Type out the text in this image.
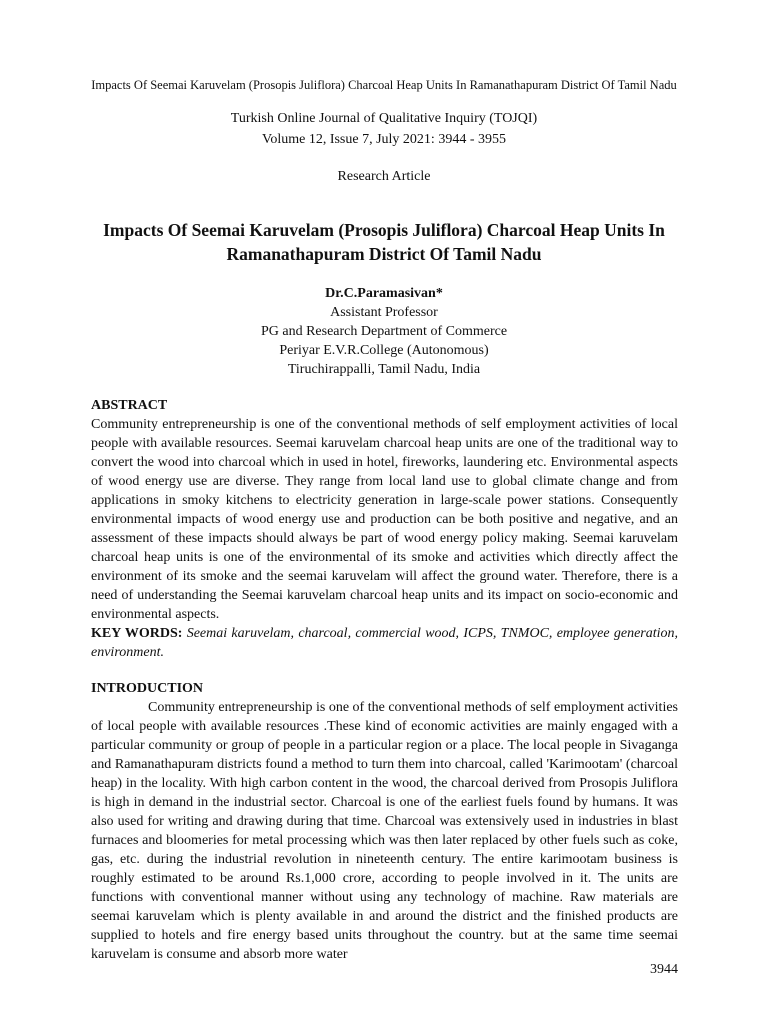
Impacts Of Seemai Karuvelam (Prosopis Juliflora) Charcoal Heap Units In Ramanathapuram District Of Tamil Nadu
Turkish Online Journal of Qualitative Inquiry (TOJQI)
Volume 12, Issue 7, July 2021: 3944 - 3955
Research Article
Impacts Of Seemai Karuvelam (Prosopis Juliflora) Charcoal Heap Units In Ramanathapuram District Of Tamil Nadu
Dr.C.Paramasivan*
Assistant Professor
PG and Research Department of Commerce
Periyar E.V.R.College (Autonomous)
Tiruchirappalli, Tamil Nadu, India
ABSTRACT
Community entrepreneurship is one of the conventional methods of self employment activities of local people with available resources. Seemai karuvelam charcoal heap units are one of the traditional way to convert the wood into charcoal which in used in hotel, fireworks, laundering etc. Environmental aspects of wood energy use are diverse. They range from local land use to global climate change and from applications in smoky kitchens to electricity generation in large-scale power stations. Consequently environmental impacts of wood energy use and production can be both positive and negative, and an assessment of these impacts should always be part of wood energy policy making. Seemai karuvelam charcoal heap units is one of the environmental of its smoke and activities which directly affect the environment of its smoke and the seemai karuvelam will affect the ground water. Therefore, there is a need of understanding the Seemai karuvelam charcoal heap units and its impact on socio-economic and environmental aspects.
KEY WORDS: Seemai karuvelam, charcoal, commercial wood, ICPS, TNMOC, employee generation, environment.
INTRODUCTION
Community entrepreneurship is one of the conventional methods of self employment activities of local people with available resources .These kind of economic activities are mainly engaged with a particular community or group of people in a particular region or a place. The local people in Sivaganga and Ramanathapuram districts found a method to turn them into charcoal, called 'Karimootam' (charcoal heap) in the locality. With high carbon content in the wood, the charcoal derived from Prosopis Juliflora is high in demand in the industrial sector. Charcoal is one of the earliest fuels found by humans. It was also used for writing and drawing during that time. Charcoal was extensively used in industries in blast furnaces and bloomeries for metal processing which was then later replaced by other fuels such as coke, gas, etc. during the industrial revolution in nineteenth century. The entire karimootam business is roughly estimated to be around Rs.1,000 crore, according to people involved in it. The units are functions with conventional manner without using any technology of machine. Raw materials are seemai karuvelam which is plenty available in and around the district and the finished products are supplied to hotels and fire energy based units throughout the country. but at the same time seemai karuvelam is consume and absorb more water
3944
